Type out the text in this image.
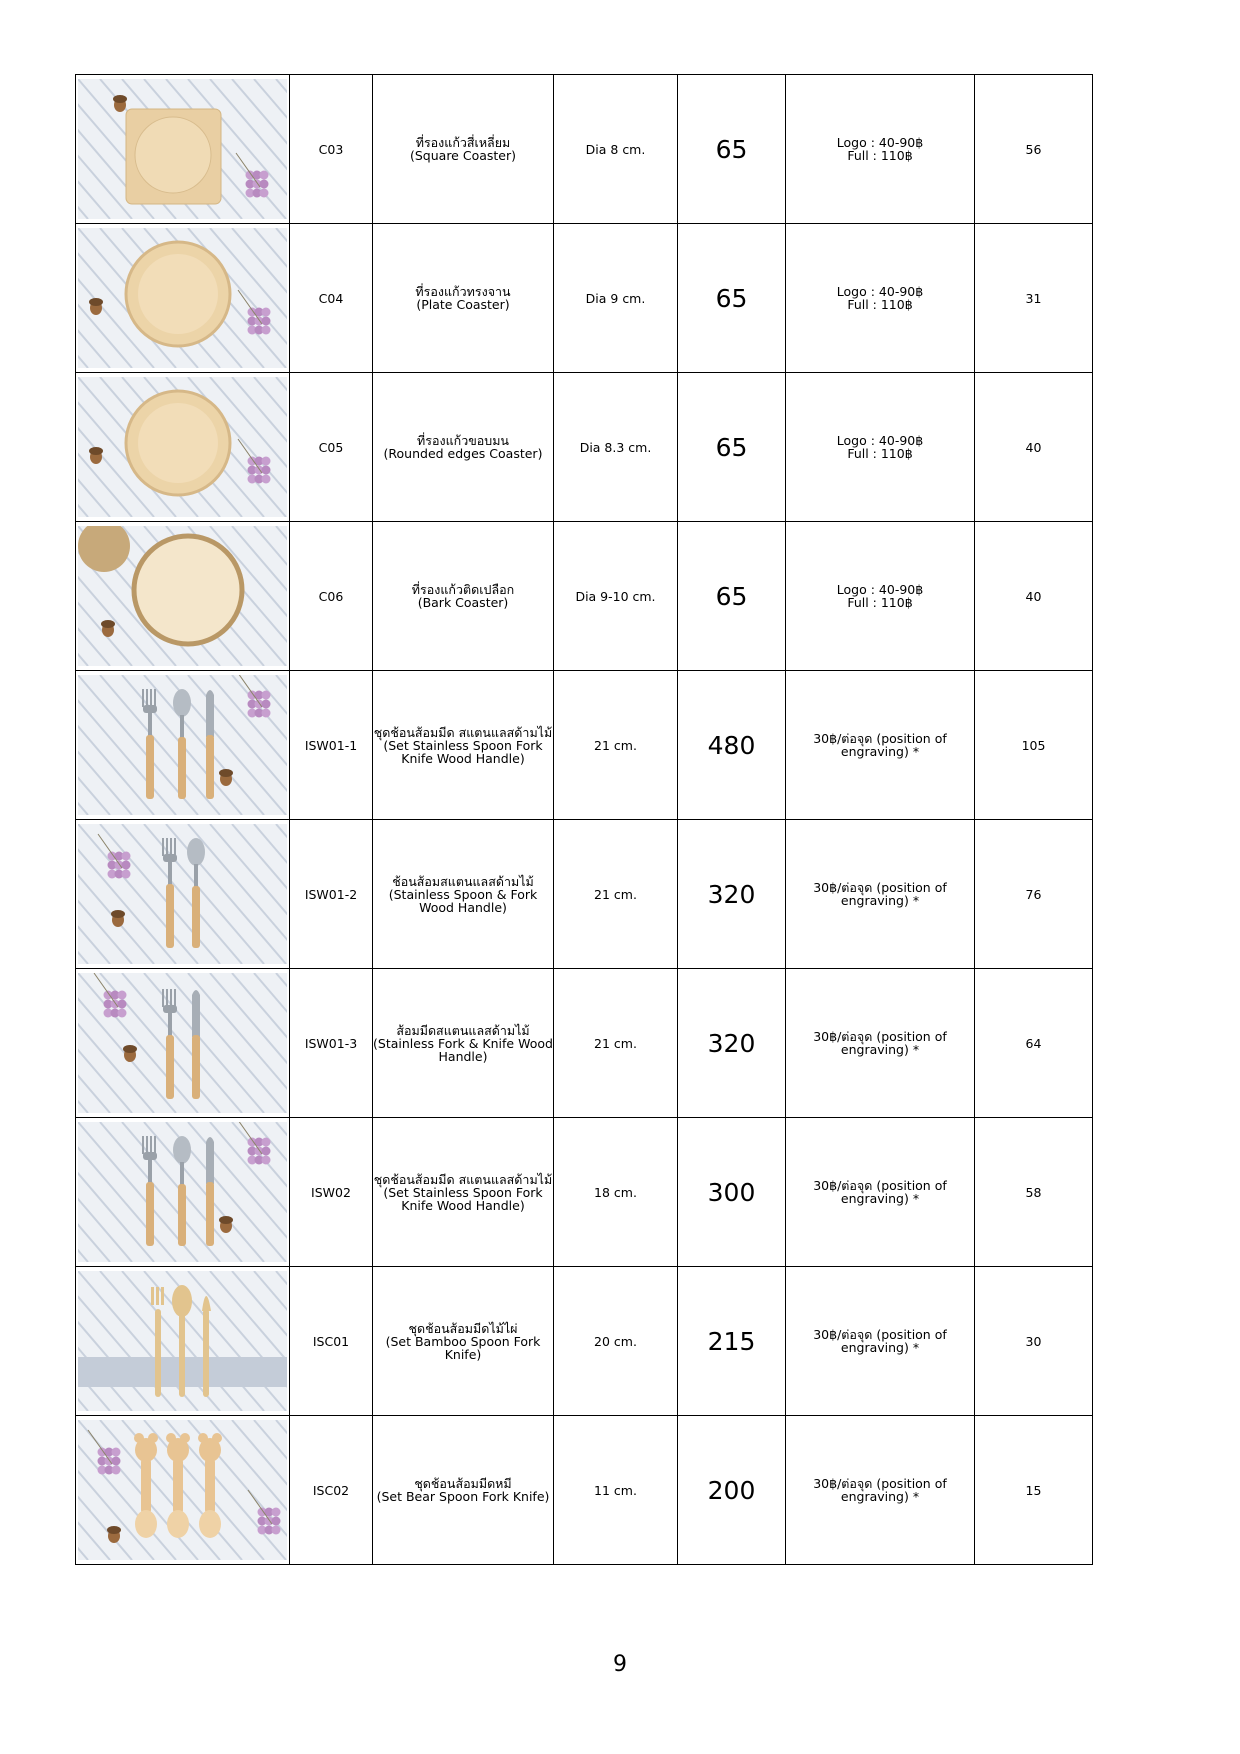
	C03	ที่รองแก้วสี่เหลี่ยม
(Square Coaster)	Dia 8 cm.	65	Logo : 40-90฿
Full : 110฿	56

	C04	ที่รองแก้วทรงจาน
(Plate Coaster)	Dia 9 cm.	65	Logo : 40-90฿
Full : 110฿	31

	C05	ที่รองแก้วขอบมน
(Rounded edges Coaster)	Dia 8.3 cm.	65	Logo : 40-90฿
Full : 110฿	40

	C06	ที่รองแก้วติดเปลือก
(Bark Coaster)	Dia 9-10 cm.	65	Logo : 40-90฿
Full : 110฿	40

	ISW01-1	ชุดช้อนส้อมมีด สแตนแลสด้ามไม้
(Set Stainless Spoon Fork Knife Wood Handle)	21 cm.	480	30฿/ต่อจุด (position of
engraving) *	105

	ISW01-2	ช้อนส้อมสแตนแลสด้ามไม้
(Stainless Spoon & Fork Wood Handle)	21 cm.	320	30฿/ต่อจุด (position of
engraving) *	76

	ISW01-3	ส้อมมีดสแตนแลสด้ามไม้
(Stainless Fork & Knife Wood Handle)	21 cm.	320	30฿/ต่อจุด (position of
engraving) *	64

	ISW02	ชุดช้อนส้อมมีด สแตนแลสด้ามไม้
(Set Stainless Spoon Fork Knife Wood Handle)	18 cm.	300	30฿/ต่อจุด (position of
engraving) *	58

	ISC01	ชุดช้อนส้อมมีดไม้ไผ่
(Set Bamboo Spoon Fork Knife)	20 cm.	215	30฿/ต่อจุด (position of
engraving) *	30

	ISC02	ชุดช้อนส้อมมีดหมี
(Set Bear Spoon Fork Knife)	11 cm.	200	30฿/ต่อจุด (position of
engraving) *	15
9
